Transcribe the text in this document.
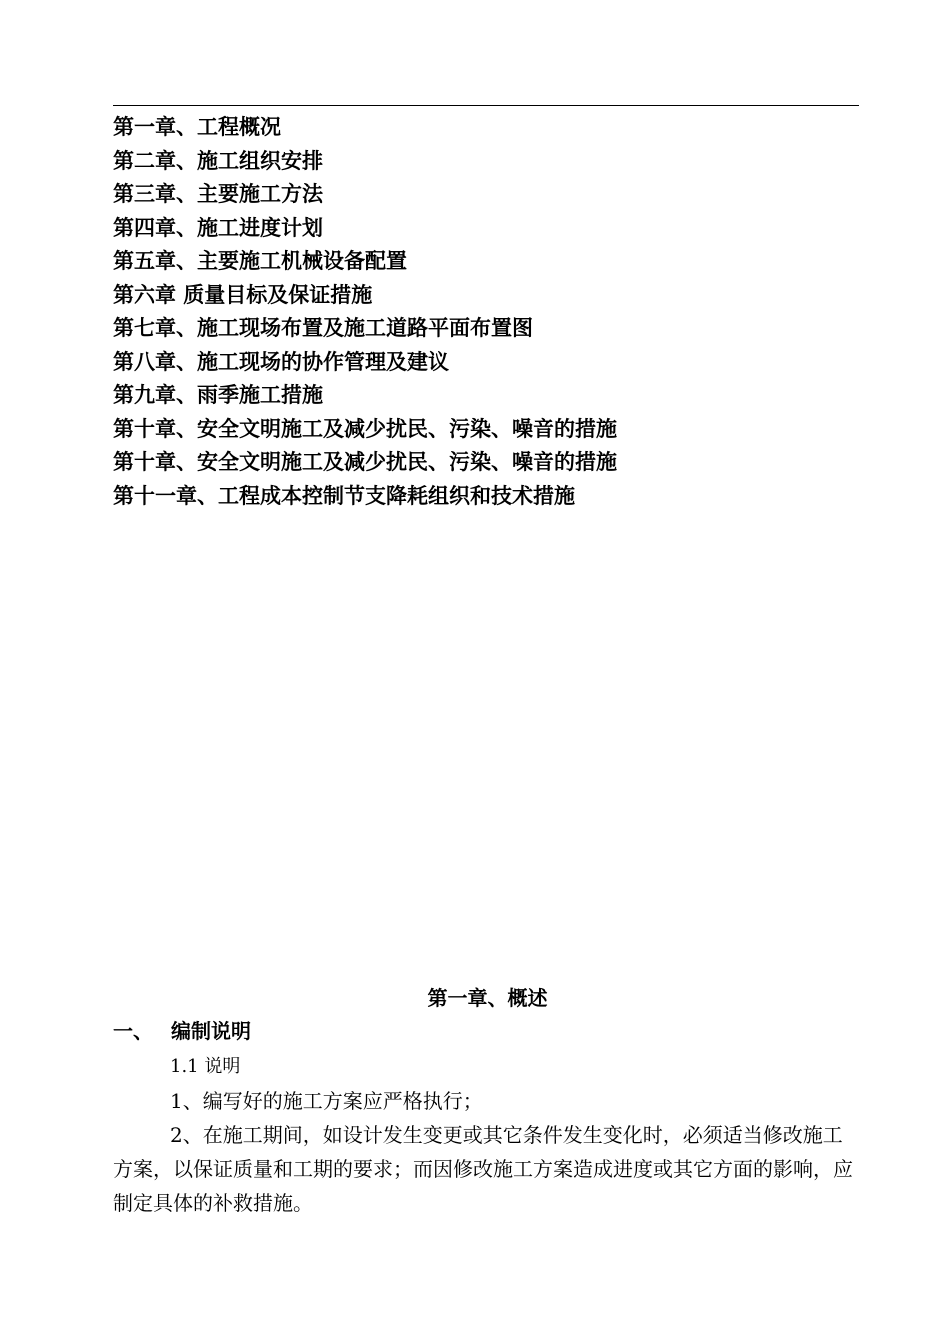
第一章、工程概况
第二章、施工组织安排
第三章、主要施工方法
第四章、施工进度计划
第五章、主要施工机械设备配置
第六章 质量目标及保证措施
第七章、施工现场布置及施工道路平面布置图
第八章、施工现场的协作管理及建议
第九章、雨季施工措施
第十章、安全文明施工及减少扰民、污染、噪音的措施
第十章、安全文明施工及减少扰民、污染、噪音的措施
第十一章、工程成本控制节支降耗组织和技术措施
第一章、概述
一、 编制说明

1.1 说明

1、编写好的施工方案应严格执行；

2、在施工期间，如设计发生变更或其它条件发生变化时，必须适当修改施工方案，以保证质量和工期的要求；而因修改施工方案造成进度或其它方面的影响，应制定具体的补救措施。
